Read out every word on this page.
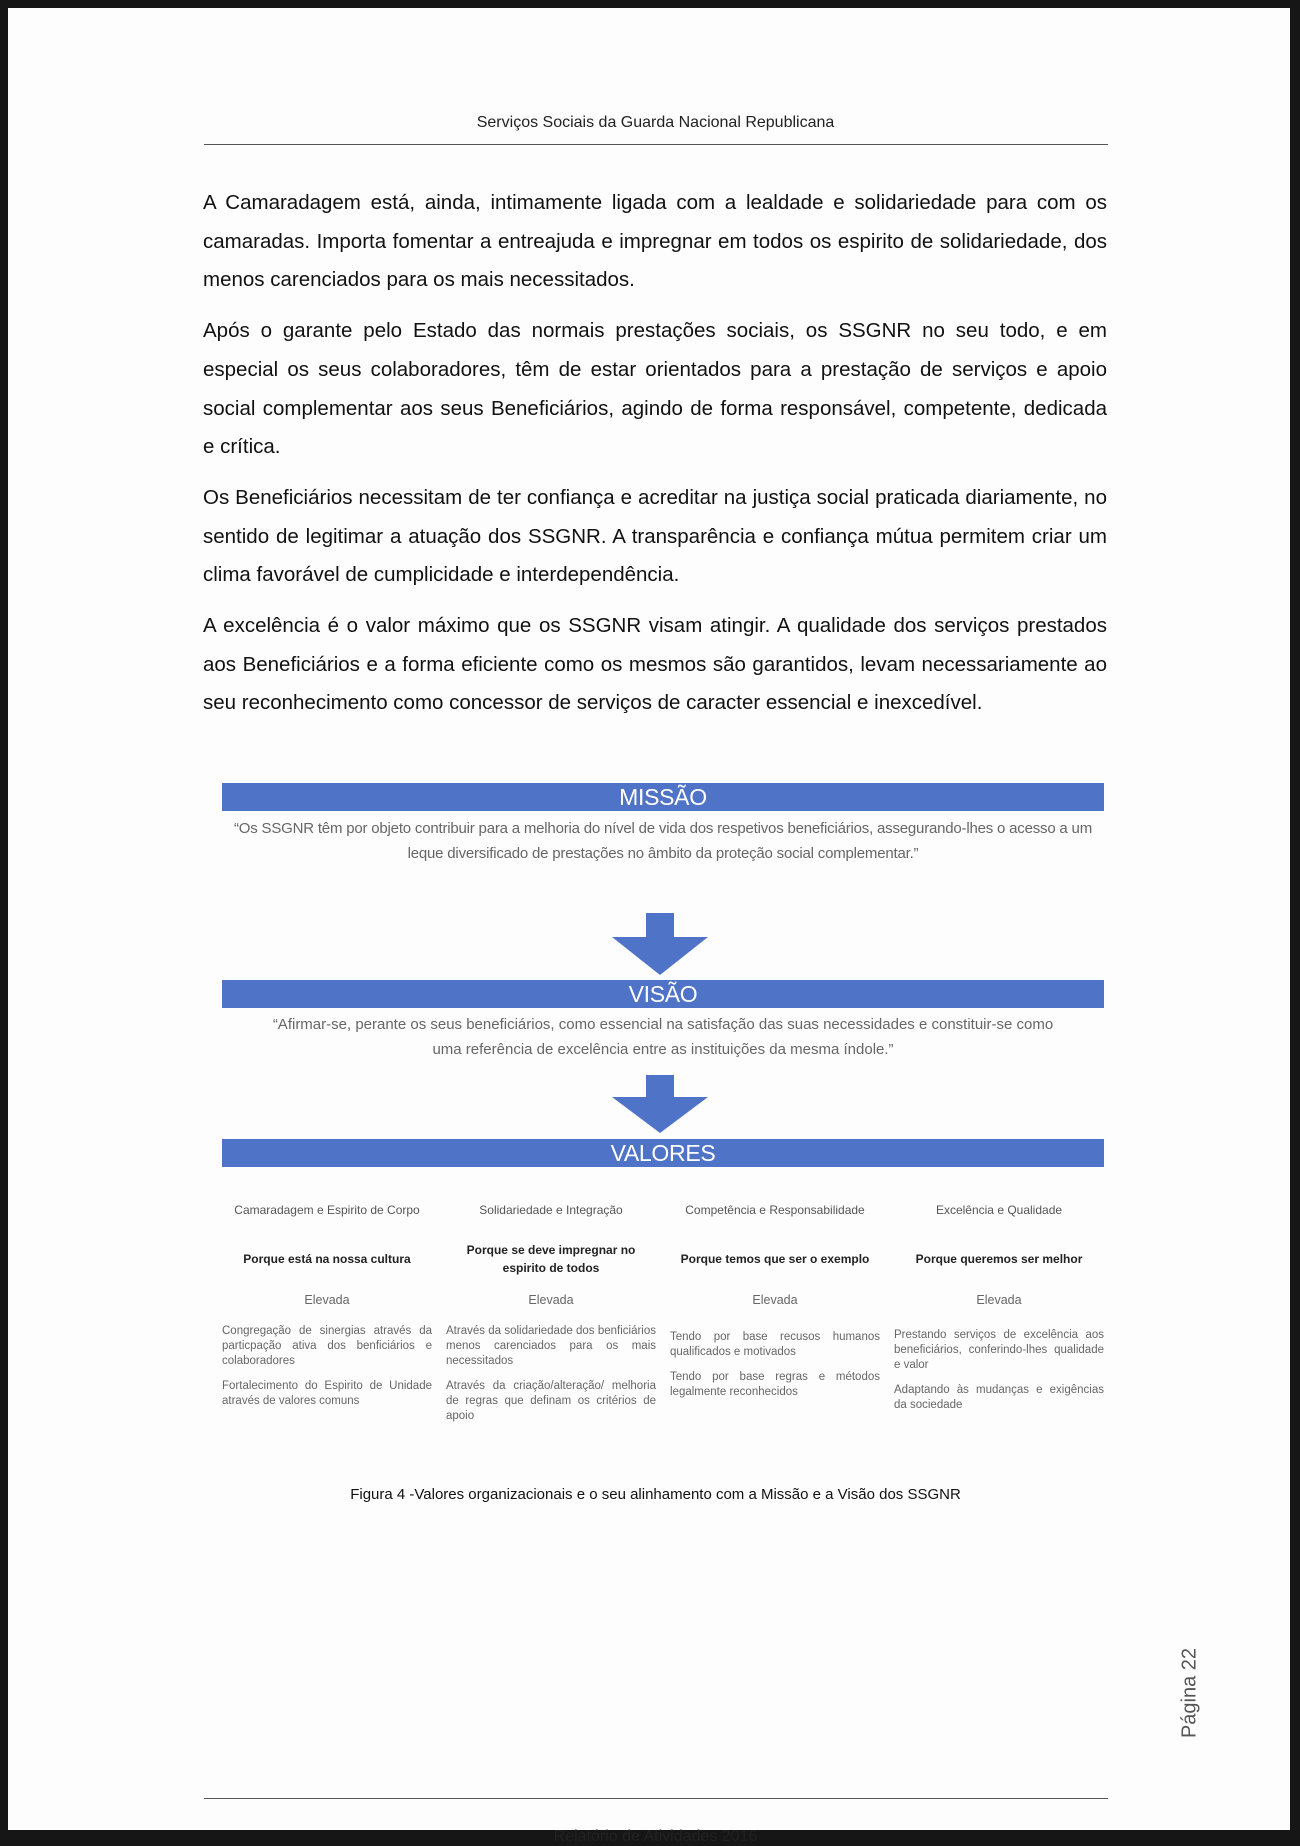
Serviços Sociais da Guarda Nacional Republicana

A Camaradagem está, ainda, intimamente ligada com a lealdade e solidariedade para com os camaradas. Importa fomentar a entreajuda e impregnar em todos os espirito de solidariedade, dos menos carenciados para os mais necessitados.

Após o garante pelo Estado das normais prestações sociais, os SSGNR no seu todo, e em especial os seus colaboradores, têm de estar orientados para a prestação de serviços e apoio social complementar aos seus Beneficiários, agindo de forma responsável, competente, dedicada e crítica.

Os Beneficiários necessitam de ter confiança e acreditar na justiça social praticada diariamente, no sentido de legitimar a atuação dos SSGNR. A transparência e confiança mútua permitem criar um clima favorável de cumplicidade e interdependência.

A excelência é o valor máximo que os SSGNR visam atingir. A qualidade dos serviços prestados aos Beneficiários e a forma eficiente como os mesmos são garantidos, levam necessariamente ao seu reconhecimento como concessor de serviços de caracter essencial e inexcedível.

MISSÃO
“Os SSGNR têm por objeto contribuir para a melhoria do nível de vida dos respetivos beneficiários, assegurando-lhes o acesso a um leque diversificado de prestações no âmbito da proteção social complementar.”
VISÃO
“Afirmar-se, perante os seus beneficiários, como essencial na satisfação das suas necessidades e constituir-se como uma referência de excelência entre as instituições da mesma índole.”
VALORES
Camaradagem e Espirito de Corpo
Porque está na nossa cultura
Elevada

Congregação de sinergias através da particpação ativa dos benficiários e colaboradores

Fortalecimento do Espirito de Unidade através de valores comuns

Solidariedade e Integração
Porque se deve impregnar no espirito de todos
Elevada

Através da solidariedade dos benficiários menos carenciados para os mais necessitados

Através da criação/alteração/ melhoria de regras que definam os critérios de apoio

Competência e Responsabilidade
Porque temos que ser o exemplo
Elevada

Tendo por base recusos humanos qualificados e motivados

Tendo por base regras e métodos legalmente reconhecidos

Excelência e Qualidade
Porque queremos ser melhor
Elevada

Prestando serviços de excelência aos beneficiários, conferindo-lhes qualidade e valor

Adaptando às mudanças e exigências da sociedade

Figura 4 -Valores organizacionais e o seu alinhamento com a Missão e a Visão dos SSGNR
Página 22
Relatório de Atividades 2016
